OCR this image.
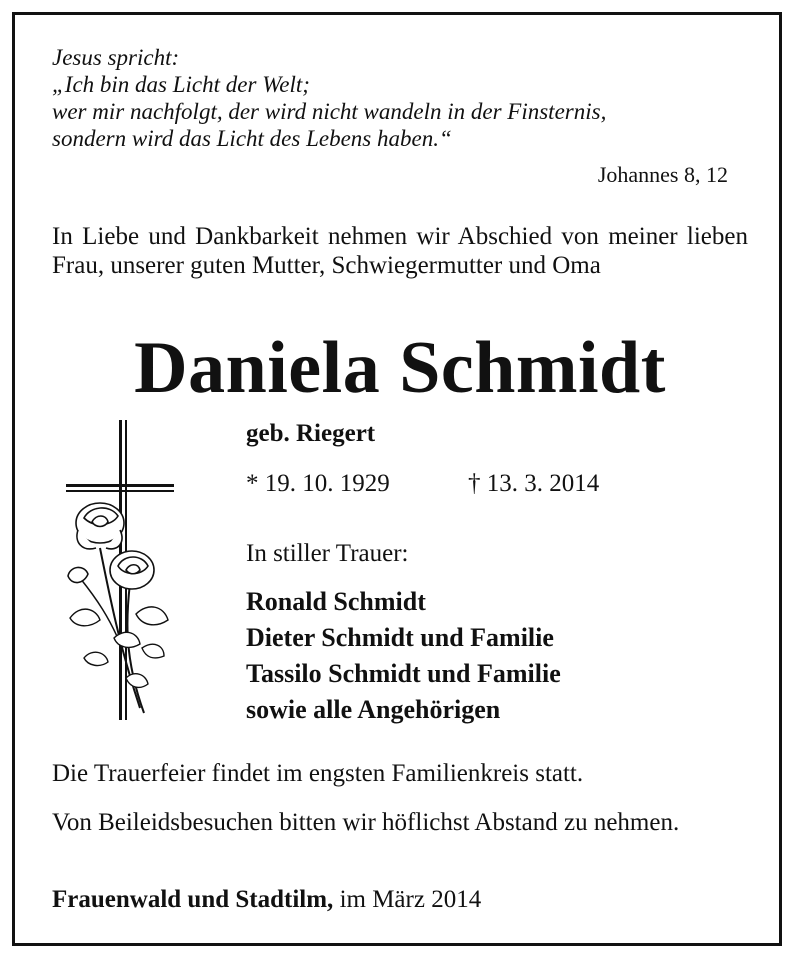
Jesus spricht:
„Ich bin das Licht der Welt;
wer mir nachfolgt, der wird nicht wandeln in der Finsternis,
sondern wird das Licht des Lebens haben.“
Johannes 8, 12
In Liebe und Dankbarkeit nehmen wir Abschied von meiner lieben Frau, unserer guten Mutter, Schwiegermutter und Oma
Daniela Schmidt
geb. Riegert
* 19. 10. 1929	† 13. 3. 2014
In stiller Trauer:
Ronald Schmidt
Dieter Schmidt und Familie
Tassilo Schmidt und Familie
sowie alle Angehörigen
Die Trauerfeier findet im engsten Familienkreis statt.
Von Beileidsbesuchen bitten wir höflichst Abstand zu nehmen.
Frauenwald und Stadtilm, im März 2014
